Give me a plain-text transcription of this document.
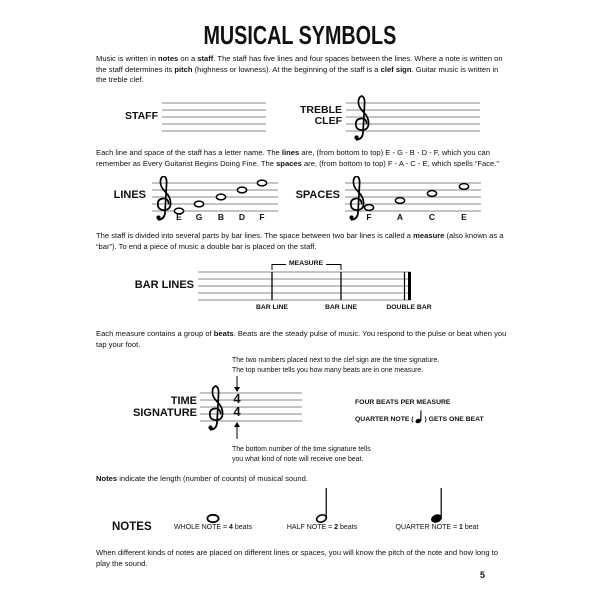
MUSICAL SYMBOLS
Music is written in notes on a staff. The staff has five lines and four spaces between the lines. Where a note is written on the staff determines its pitch (highness or lowness). At the beginning of the staff is a clef sign. Guitar music is written in the treble clef.
STAFF	TREBLE
CLEF
Each line and space of the staff has a letter name. The lines are, (from bottom to top) E - G - B - D - F, which you can remember as Every Guitarist Begins Doing Fine. The spaces are, (from bottom to top) F - A - C - E, which spells “Face.”
LINES
E G B D F
SPACES
F	A	C	E
The staff is divided into several parts by bar lines. The space between two bar lines is called a measure (also known as a “bar”). To end a piece of music a double bar is placed on the staff.
BAR LINES
MEASURE
BAR LINE	BAR LINE	DOUBLE BAR
Each measure contains a group of beats. Beats are the steady pulse of music. You respond to the pulse or beat when you tap your foot.
The two numbers placed next to the clef sign are the time signature.
The top number tells you how many beats are in one measure.
The bottom number of the time signature tells
you what kind of note will receive one beat.
TIME
SIGNATURE
4
4
FOUR BEATS PER MEASURE
QUARTER NOTE ( ) GETS ONE BEAT
Notes indicate the length (number of counts) of musical sound.
NOTES	WHOLE NOTE = 4 beats	HALF NOTE = 2 beats	QUARTER NOTE = 1 beat
When different kinds of notes are placed on different lines or spaces, you will know the pitch of the note and how long to play the sound.
5
